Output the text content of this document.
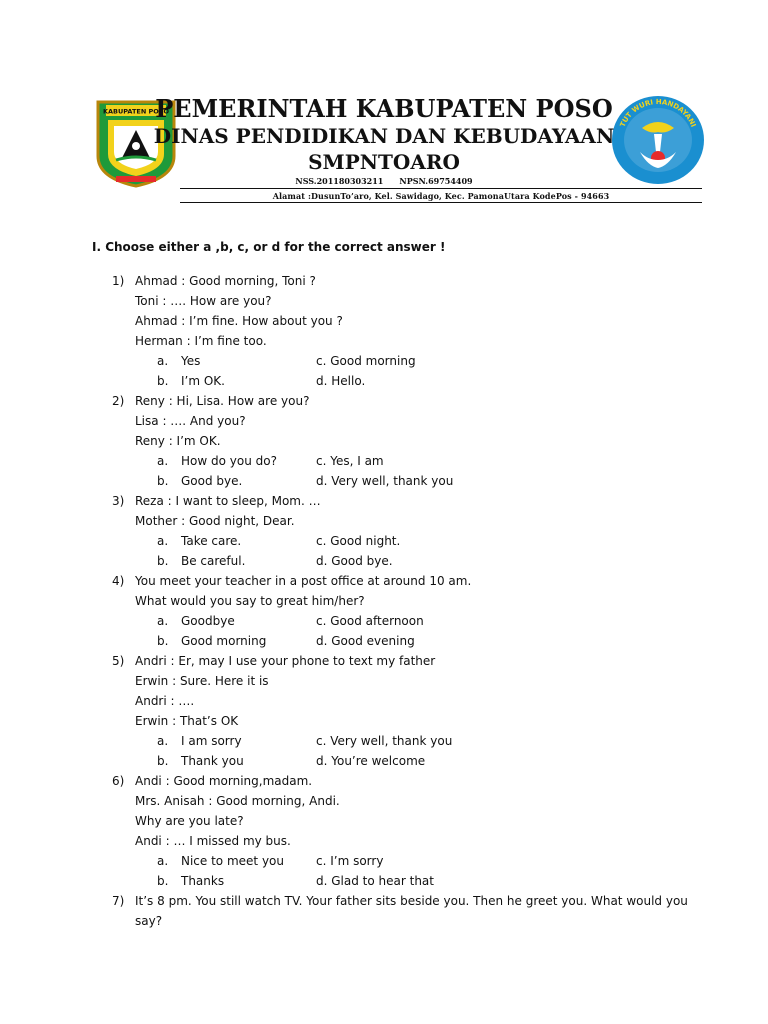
KABUPATEN POSO
TUT WURI HANDAYANI
PEMERINTAH KABUPATEN POSO
DINAS PENDIDIKAN DAN KEBUDAYAAN
SMPNTOARO
NSS.201180303211 NPSN.69754409
Alamat :DusunTo’aro, Kel. Sawidago, Kec. PamonaUtara KodePos - 94663
I. Choose either a ,b, c, or d for the correct answer !
1) Ahmad : Good morning, Toni ?
Toni : …. How are you?
Ahmad : I’m fine. How about you ?
Herman : I’m fine too.
a. Yes	c. Good morning
b. I’m OK.	d. Hello.
2) Reny : Hi, Lisa. How are you?
Lisa : …. And you?
Reny : I’m OK.
a. How do you do?	c. Yes, I am
b. Good bye.	d. Very well, thank you
3) Reza : I want to sleep, Mom. …
Mother : Good night, Dear.
a. Take care.	c. Good night.
b. Be careful.	d. Good bye.
4) You meet your teacher in a post office at around 10 am.
What would you say to great him/her?
a. Goodbye	c. Good afternoon
b. Good morning	d. Good evening
5) Andri : Er, may I use your phone to text my father
Erwin : Sure. Here it is
Andri : ….
Erwin : That’s OK
a. I am sorry	c. Very well, thank you
b. Thank you	d. You’re welcome
6) Andi : Good morning,madam.
Mrs. Anisah : Good morning, Andi.
Why are you late?
Andi : … I missed my bus.
a. Nice to meet you	c. I’m sorry
b. Thanks	d. Glad to hear that
7) It’s 8 pm. You still watch TV. Your father sits beside you. Then he greet you. What would you
say?
